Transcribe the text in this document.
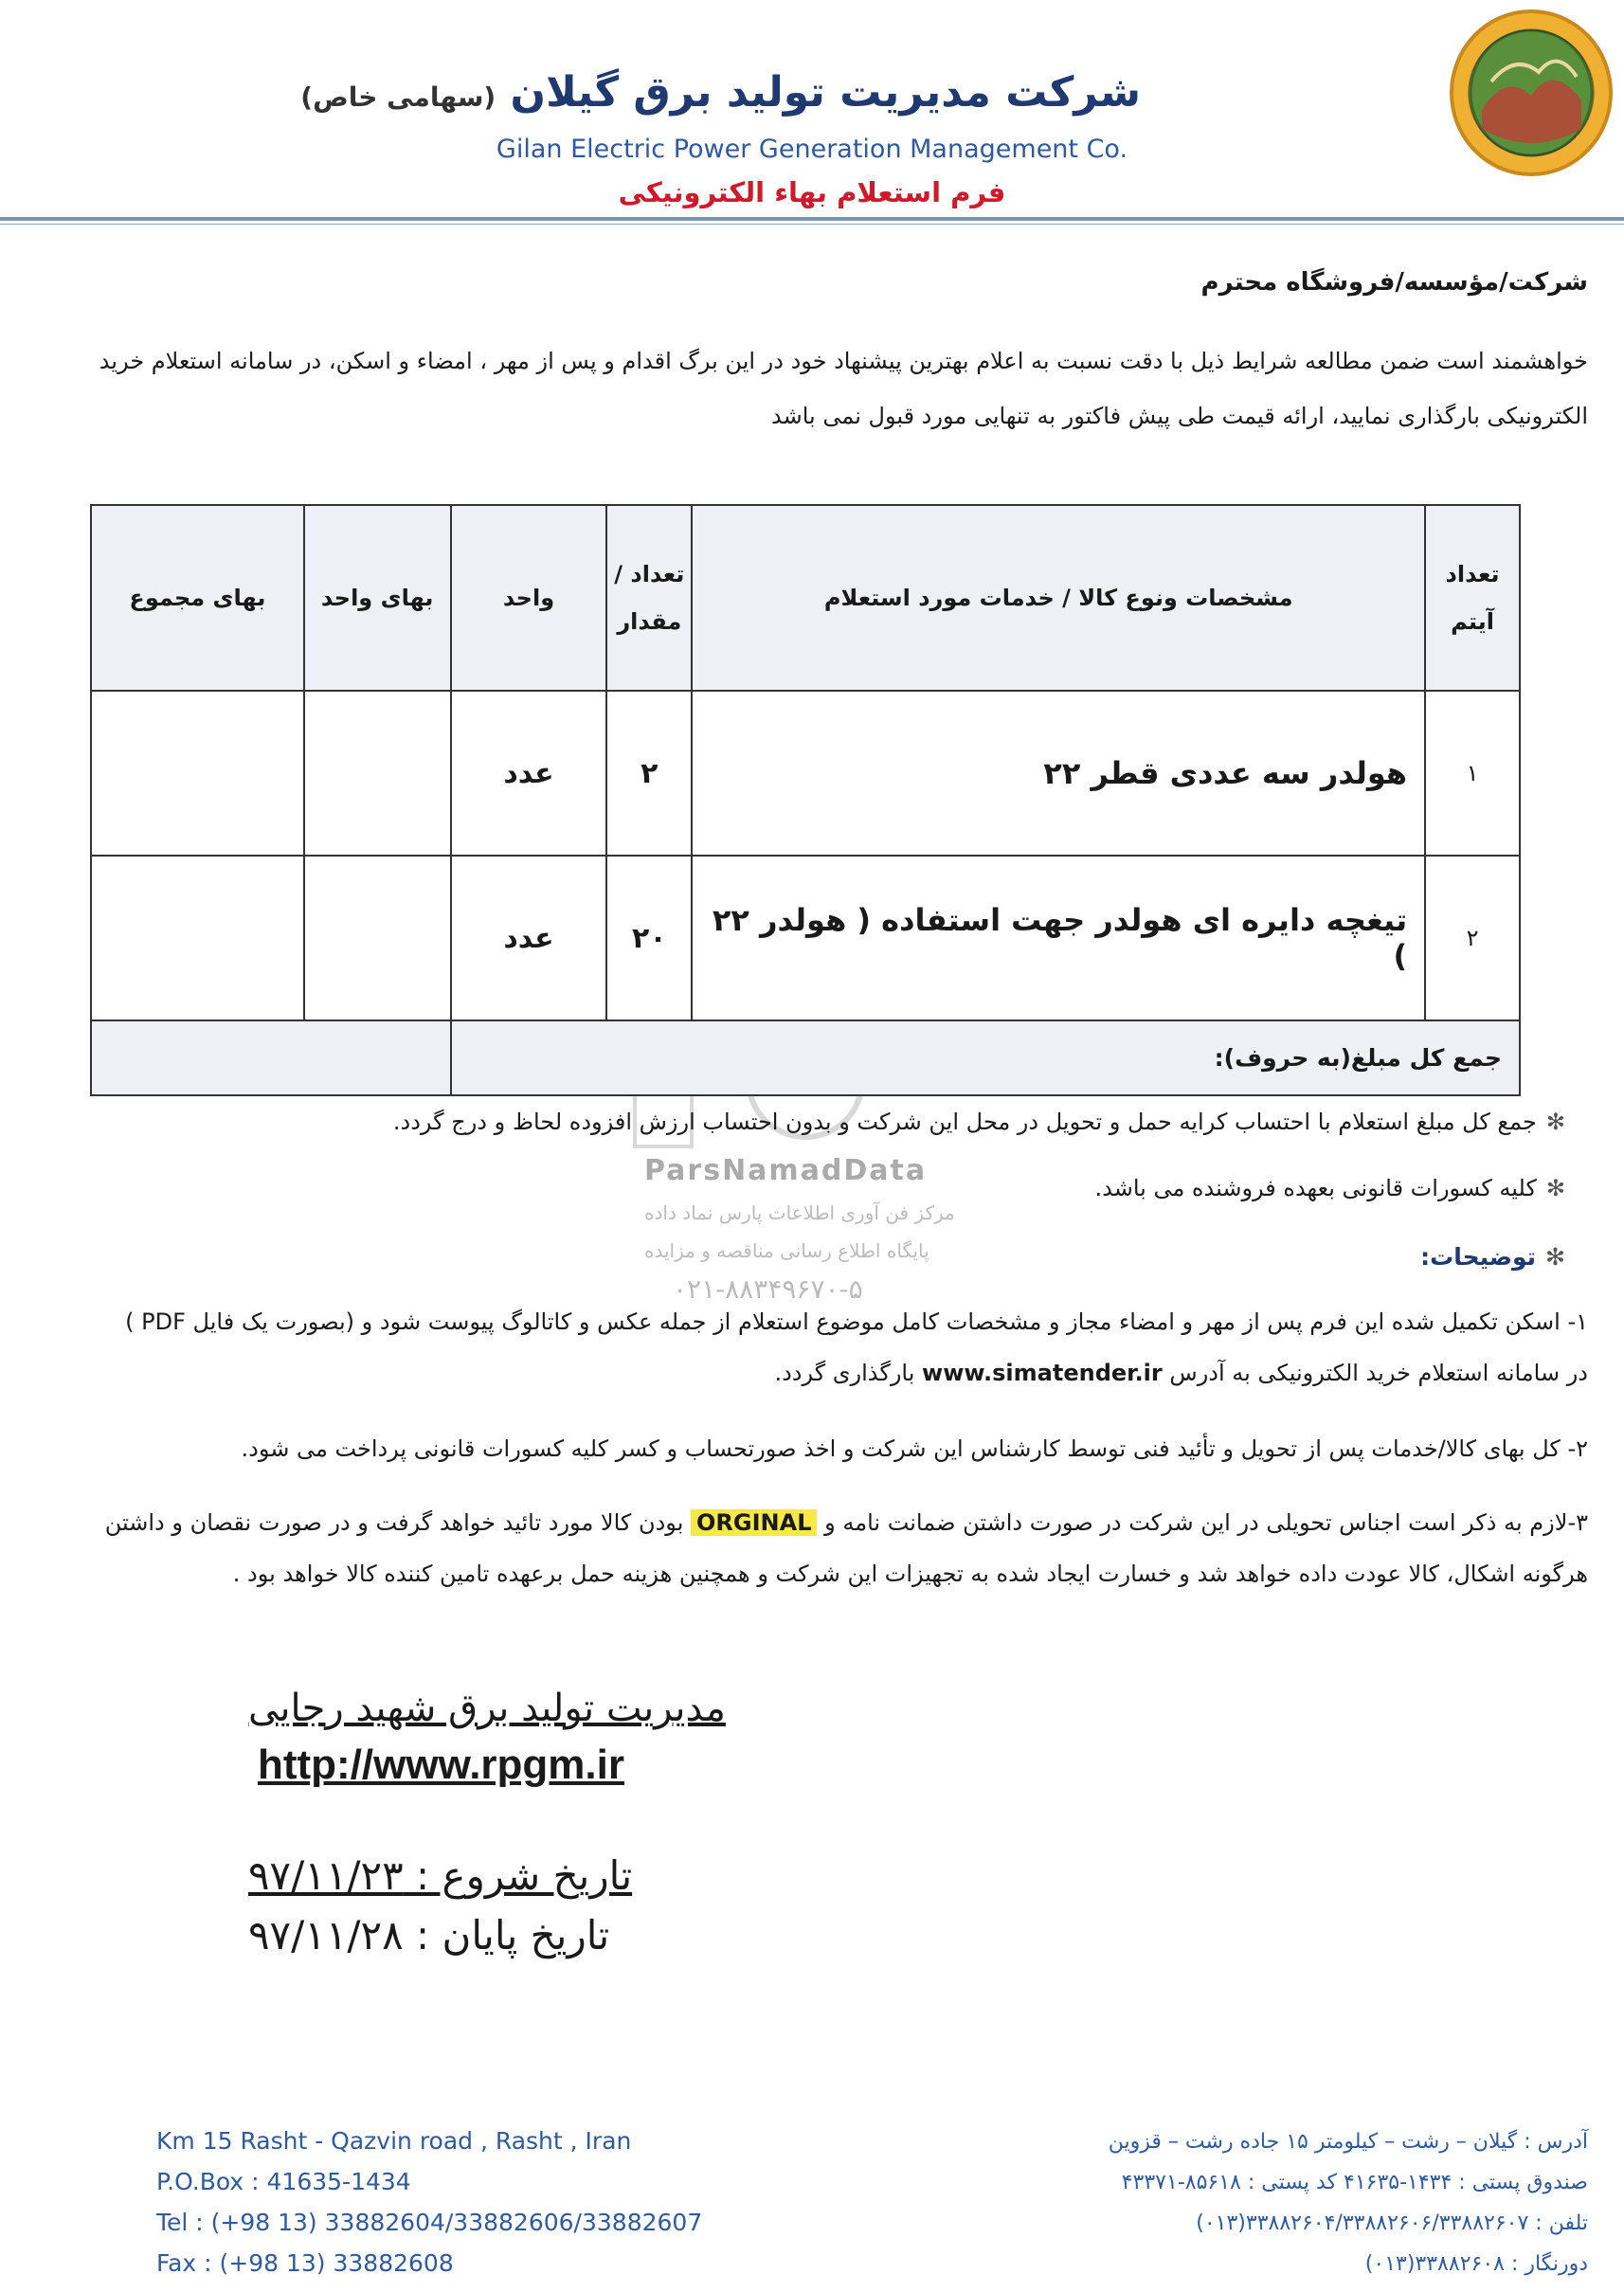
شرکت مدیریت تولید برق گیلان (سهامی خاص)
Gilan Electric Power Generation Management Co.
فرم استعلام بهاء الکترونیکی
شرکت/مؤسسه/فروشگاه محترم
خواهشمند است ضمن مطالعه شرایط ذیل با دقت نسبت به اعلام بهترین پیشنهاد خود در این برگ اقدام و پس از مهر ، امضاء و اسکن، در سامانه استعلام خرید الکترونیکی بارگذاری نمایید، ارائه قیمت طی پیش فاکتور به تنهایی مورد قبول نمی باشد
ParsNamadData
مرکز فن آوری اطلاعات پارس نماد داده
پایگاه اطلاع رسانی مناقصه و مزایده
۰۲۱-۸۸۳۴۹۶۷۰-۵
تعداد آیتم	مشخصات ونوع کالا / خدمات مورد استعلام	تعداد / مقدار	واحد	بهای واحد	بهای مجموع
۱	هولدر سه عددی قطر ۲۲	۲	عدد		
۲	تیغچه دایره ای هولدر جهت استفاده ( هولدر ۲۲ )	۲۰	عدد		
جمع کل مبلغ(به حروف):					
✻جمع کل مبلغ استعلام با احتساب کرایه حمل و تحویل در محل این شرکت و بدون احتساب ارزش افزوده لحاظ و درج گردد.
✻کلیه کسورات قانونی بعهده فروشنده می باشد.
✻توضیحات:
۱- اسکن تکمیل شده این فرم پس از مهر و امضاء مجاز و مشخصات کامل موضوع استعلام از جمله عکس و کاتالوگ پیوست شود و (بصورت یک فایل PDF )
در سامانه استعلام خرید الکترونیکی به آدرس www.simatender.ir بارگذاری گردد.
۲- کل بهای کالا/خدمات پس از تحویل و تأئید فنی توسط کارشناس این شرکت و اخذ صورتحساب و کسر کلیه کسورات قانونی پرداخت می شود.
۳-لازم به ذکر است اجناس تحویلی در این شرکت در صورت داشتن ضمانت نامه و ORGINAL بودن کالا مورد تائید خواهد گرفت و در صورت نقصان و داشتن
هرگونه اشکال، کالا عودت داده خواهد شد و خسارت ایجاد شده به تجهیزات این شرکت و همچنین هزینه حمل برعهده تامین کننده کالا خواهد بود .
مدیریت تولید برق شهید رجایی
http://www.rpgm.ir
تاریخ شروع : ۹۷/۱۱/۲۳
تاریخ پایان : ۹۷/۱۱/۲۸
Km 15 Rasht - Qazvin road , Rasht , Iran
P.O.Box : 41635-1434
Tel : (+98 13) 33882604/33882606/33882607
Fax : (+98 13) 33882608
آدرس : گیلان – رشت – کیلومتر ۱۵ جاده رشت – قزوین
صندوق پستی : ۱۴۳۴-۴۱۶۳۵ کد پستی : ۸۵۶۱۸-۴۳۳۷۱
تلفن : ۳۳۸۸۲۶۰۴/۳۳۸۸۲۶۰۶/۳۳۸۸۲۶۰۷(۰۱۳)
دورنگار : ۳۳۸۸۲۶۰۸(۰۱۳)
